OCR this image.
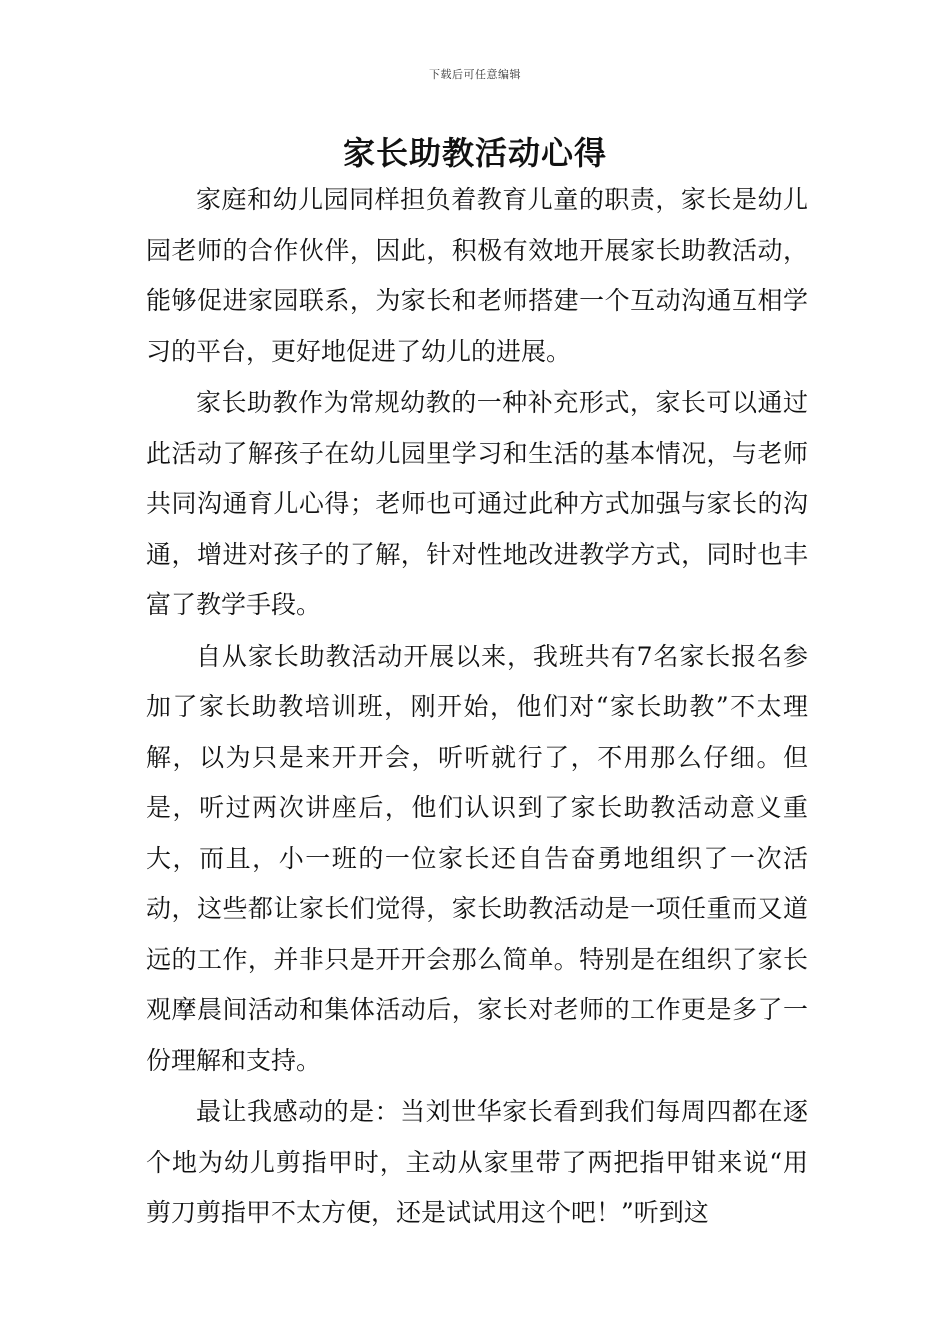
下载后可任意编辑
家长助教活动心得

家庭和幼儿园同样担负着教育儿童的职责，家长是幼儿园老师的合作伙伴，因此，积极有效地开展家长助教活动，能够促进家园联系，为家长和老师搭建一个互动沟通互相学习的平台，更好地促进了幼儿的进展。

家长助教作为常规幼教的一种补充形式，家长可以通过此活动了解孩子在幼儿园里学习和生活的基本情况，与老师共同沟通育儿心得；老师也可通过此种方式加强与家长的沟通，增进对孩子的了解，针对性地改进教学方式，同时也丰富了教学手段。

自从家长助教活动开展以来，我班共有7名家长报名参加了家长助教培训班，刚开始，他们对“家长助教”不太理解，以为只是来开开会，听听就行了，不用那么仔细。但是，听过两次讲座后，他们认识到了家长助教活动意义重大，而且，小一班的一位家长还自告奋勇地组织了一次活动，这些都让家长们觉得，家长助教活动是一项任重而又道远的工作，并非只是开开会那么简单。特别是在组织了家长观摩晨间活动和集体活动后，家长对老师的工作更是多了一份理解和支持。

最让我感动的是：当刘世华家长看到我们每周四都在逐个地为幼儿剪指甲时，主动从家里带了两把指甲钳来说“用剪刀剪指甲不太方便，还是试试用这个吧！”听到这
